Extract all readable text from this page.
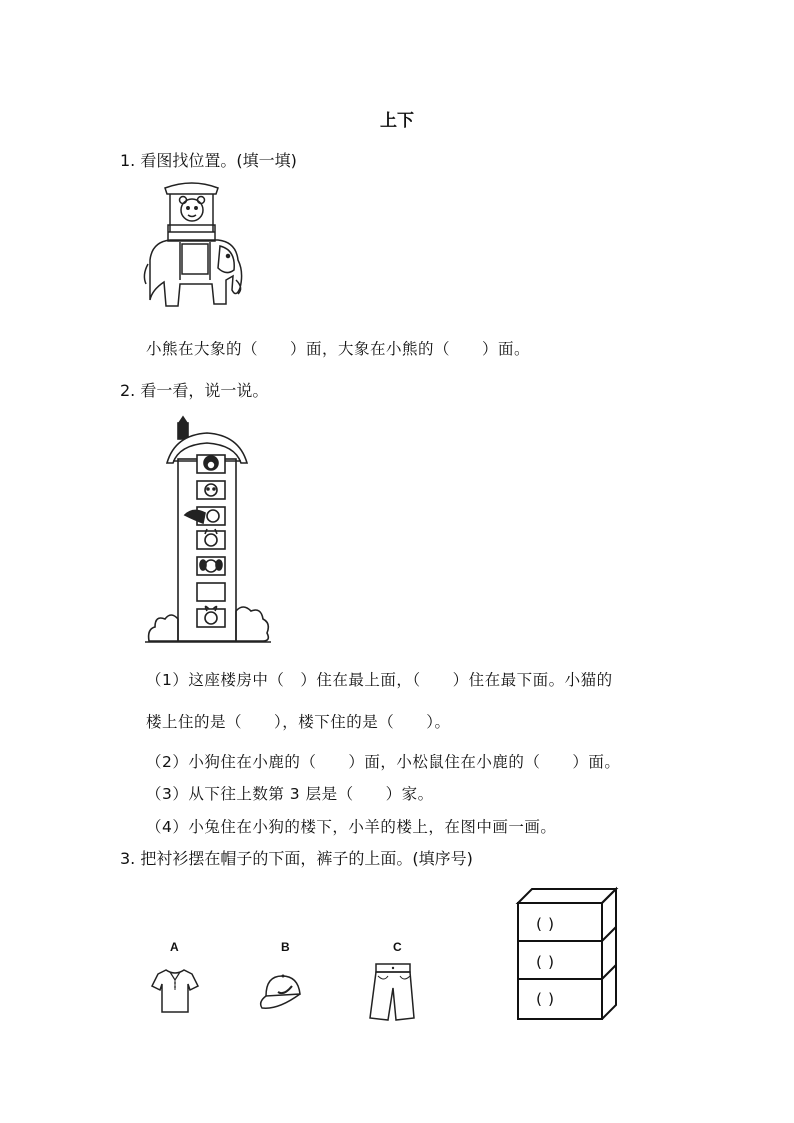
上下
1. 看图找位置。(填一填)
小熊在大象的（　　）面，大象在小熊的（　　）面。
2. 看一看，说一说。
（1）这座楼房中（　）住在最上面，（　　）住在最下面。小猫的
楼上住的是（　　），楼下住的是（　　）。
（2）小狗住在小鹿的（　　）面，小松鼠住在小鹿的（　　）面。
（3）从下往上数第 3 层是（　　）家。
（4）小兔住在小狗的楼下，小羊的楼上，在图中画一画。
3. 把衬衫摆在帽子的下面，裤子的上面。(填序号)
A	B	C
( )
( )
( )
